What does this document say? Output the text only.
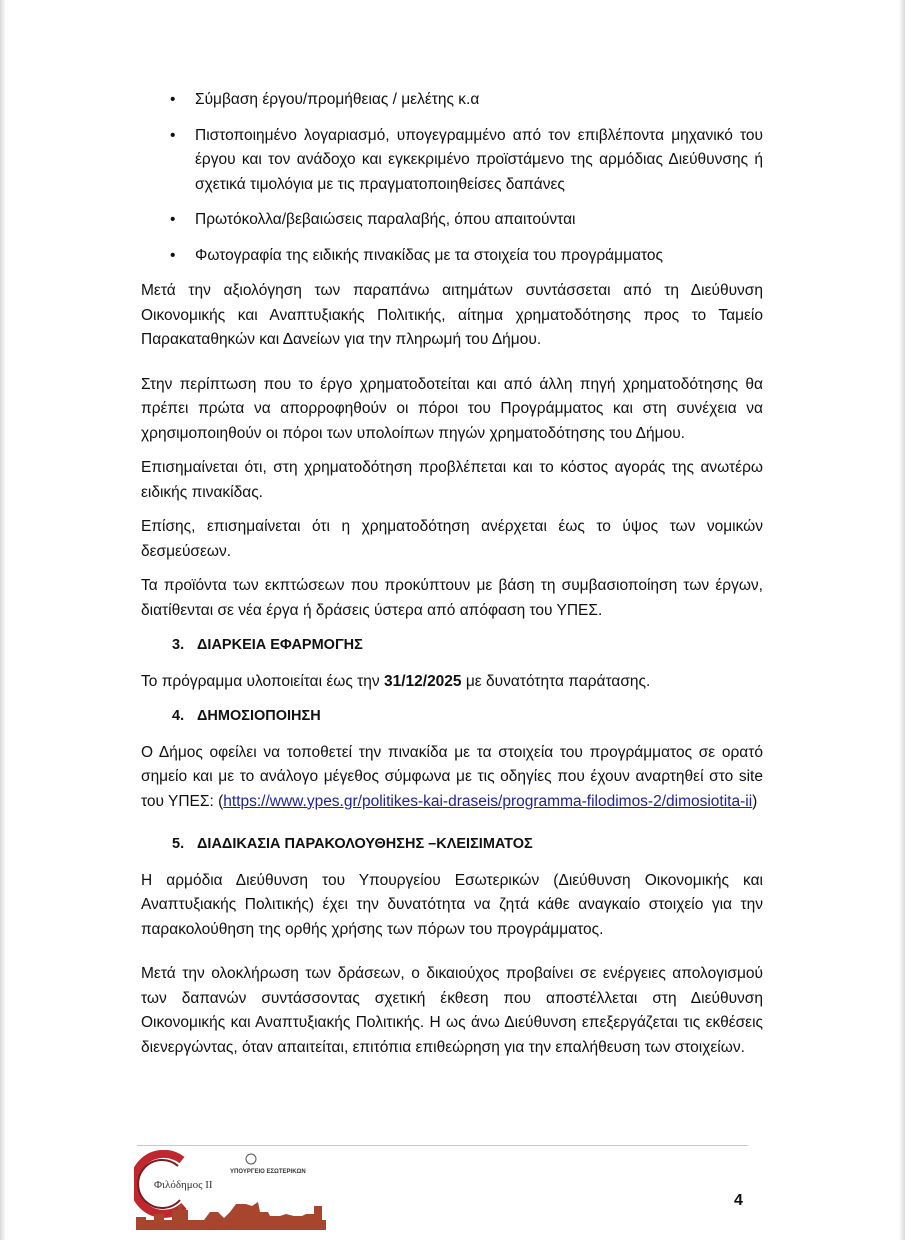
• Σύμβαση έργου/προμήθειας / μελέτης κ.α
• Πιστοποιημένο λογαριασμό, υπογεγραμμένο από τον επιβλέποντα μηχανικό του έργου και τον ανάδοχο και εγκεκριμένο προϊστάμενο της αρμόδιας Διεύθυνσης ή σχετικά τιμολόγια με τις πραγματοποιηθείσες δαπάνες
• Πρωτόκολλα/βεβαιώσεις παραλαβής, όπου απαιτούνται
• Φωτογραφία της ειδικής πινακίδας με τα στοιχεία του προγράμματος

Μετά την αξιολόγηση των παραπάνω αιτημάτων συντάσσεται από τη Διεύθυνση Οικονομικής και Αναπτυξιακής Πολιτικής, αίτημα χρηματοδότησης προς το Ταμείο Παρακαταθηκών και Δανείων για την πληρωμή του Δήμου.

Στην περίπτωση που το έργο χρηματοδοτείται και από άλλη πηγή χρηματοδότησης θα πρέπει πρώτα να απορροφηθούν οι πόροι του Προγράμματος και στη συνέχεια να χρησιμοποιηθούν οι πόροι των υπολοίπων πηγών χρηματοδότησης του Δήμου.

Επισημαίνεται ότι, στη χρηματοδότηση προβλέπεται και το κόστος αγοράς της ανωτέρω ειδικής πινακίδας.

Επίσης, επισημαίνεται ότι η χρηματοδότηση ανέρχεται έως το ύψος των νομικών δεσμεύσεων.

Τα προϊόντα των εκπτώσεων που προκύπτουν με βάση τη συμβασιοποίηση των έργων, διατίθενται σε νέα έργα ή δράσεις ύστερα από απόφαση του ΥΠΕΣ.

3. ΔΙΑΡΚΕΙΑ ΕΦΑΡΜΟΓΗΣ

Το πρόγραμμα υλοποιείται έως την 31/12/2025 με δυνατότητα παράτασης.

4. ΔΗΜΟΣΙΟΠΟΙΗΣΗ

Ο Δήμος οφείλει να τοποθετεί την πινακίδα με τα στοιχεία του προγράμματος σε ορατό σημείο και με το ανάλογο μέγεθος σύμφωνα με τις οδηγίες που έχουν αναρτηθεί στο site του ΥΠΕΣ: (https://www.ypes.gr/politikes-kai-draseis/programma-filodimos-2/dimosiotita-ii)

5. ΔΙΑΔΙΚΑΣΙΑ ΠΑΡΑΚΟΛΟΥΘΗΣΗΣ –ΚΛΕΙΣΙΜΑΤΟΣ

Η αρμόδια Διεύθυνση του Υπουργείου Εσωτερικών (Διεύθυνση Οικονομικής και Αναπτυξιακής Πολιτικής) έχει την δυνατότητα να ζητά κάθε αναγκαίο στοιχείο για την παρακολούθηση της ορθής χρήσης των πόρων του προγράμματος.

Μετά την ολοκλήρωση των δράσεων, ο δικαιούχος προβαίνει σε ενέργειες απολογισμού των δαπανών συντάσσοντας σχετική έκθεση που αποστέλλεται στη Διεύθυνση Οικονομικής και Αναπτυξιακής Πολιτικής. Η ως άνω Διεύθυνση επεξεργάζεται τις εκθέσεις διενεργώντας, όταν απαιτείται, επιτόπια επιθεώρηση για την επαλήθευση των στοιχείων.

Φιλόδημος ΙΙ
ΥΠΟΥΡΓΕΙΟ ΕΣΩΤΕΡΙΚΩΝ
4
